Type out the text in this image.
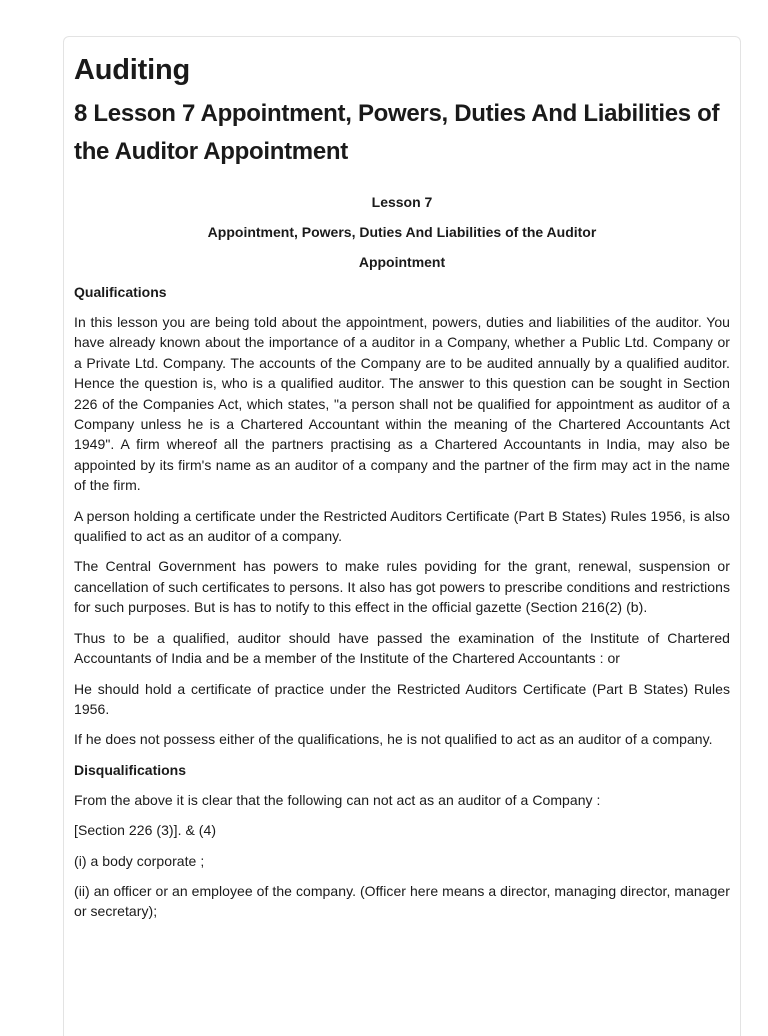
Auditing
8 Lesson 7 Appointment, Powers, Duties And Liabilities of the Auditor Appointment
Lesson 7
Appointment, Powers, Duties And Liabilities of the Auditor
Appointment
Qualifications

In this lesson you are being told about the appointment, powers, duties and liabilities of the auditor. You have already known about the importance of a auditor in a Company, whether a Public Ltd. Company or a Private Ltd. Company. The accounts of the Company are to be audited annually by a qualified auditor. Hence the question is, who is a qualified auditor. The answer to this question can be sought in Section 226 of the Companies Act, which states, "a person shall not be qualified for appointment as auditor of a Company unless he is a Chartered Accountant within the meaning of the Chartered Accountants Act 1949". A firm whereof all the partners practising as a Chartered Accountants in India, may also be appointed by its firm's name as an auditor of a company and the partner of the firm may act in the name of the firm.

A person holding a certificate under the Restricted Auditors Certificate (Part B States) Rules 1956, is also qualified to act as an auditor of a company.

The Central Government has powers to make rules poviding for the grant, renewal, suspension or cancellation of such certificates to persons. It also has got powers to prescribe conditions and restrictions for such purposes. But is has to notify to this effect in the official gazette (Section 216(2) (b).

Thus to be a qualified, auditor should have passed the examination of the Institute of Chartered Accountants of India and be a member of the Institute of the Chartered Accountants : or

He should hold a certificate of practice under the Restricted Auditors Certificate (Part B States) Rules 1956.

If he does not possess either of the qualifications, he is not qualified to act as an auditor of a company.

Disqualifications

From the above it is clear that the following can not act as an auditor of a Company :

[Section 226 (3)]. & (4)

(i) a body corporate ;

(ii) an officer or an employee of the company. (Officer here means a director, managing director, manager or secretary);
